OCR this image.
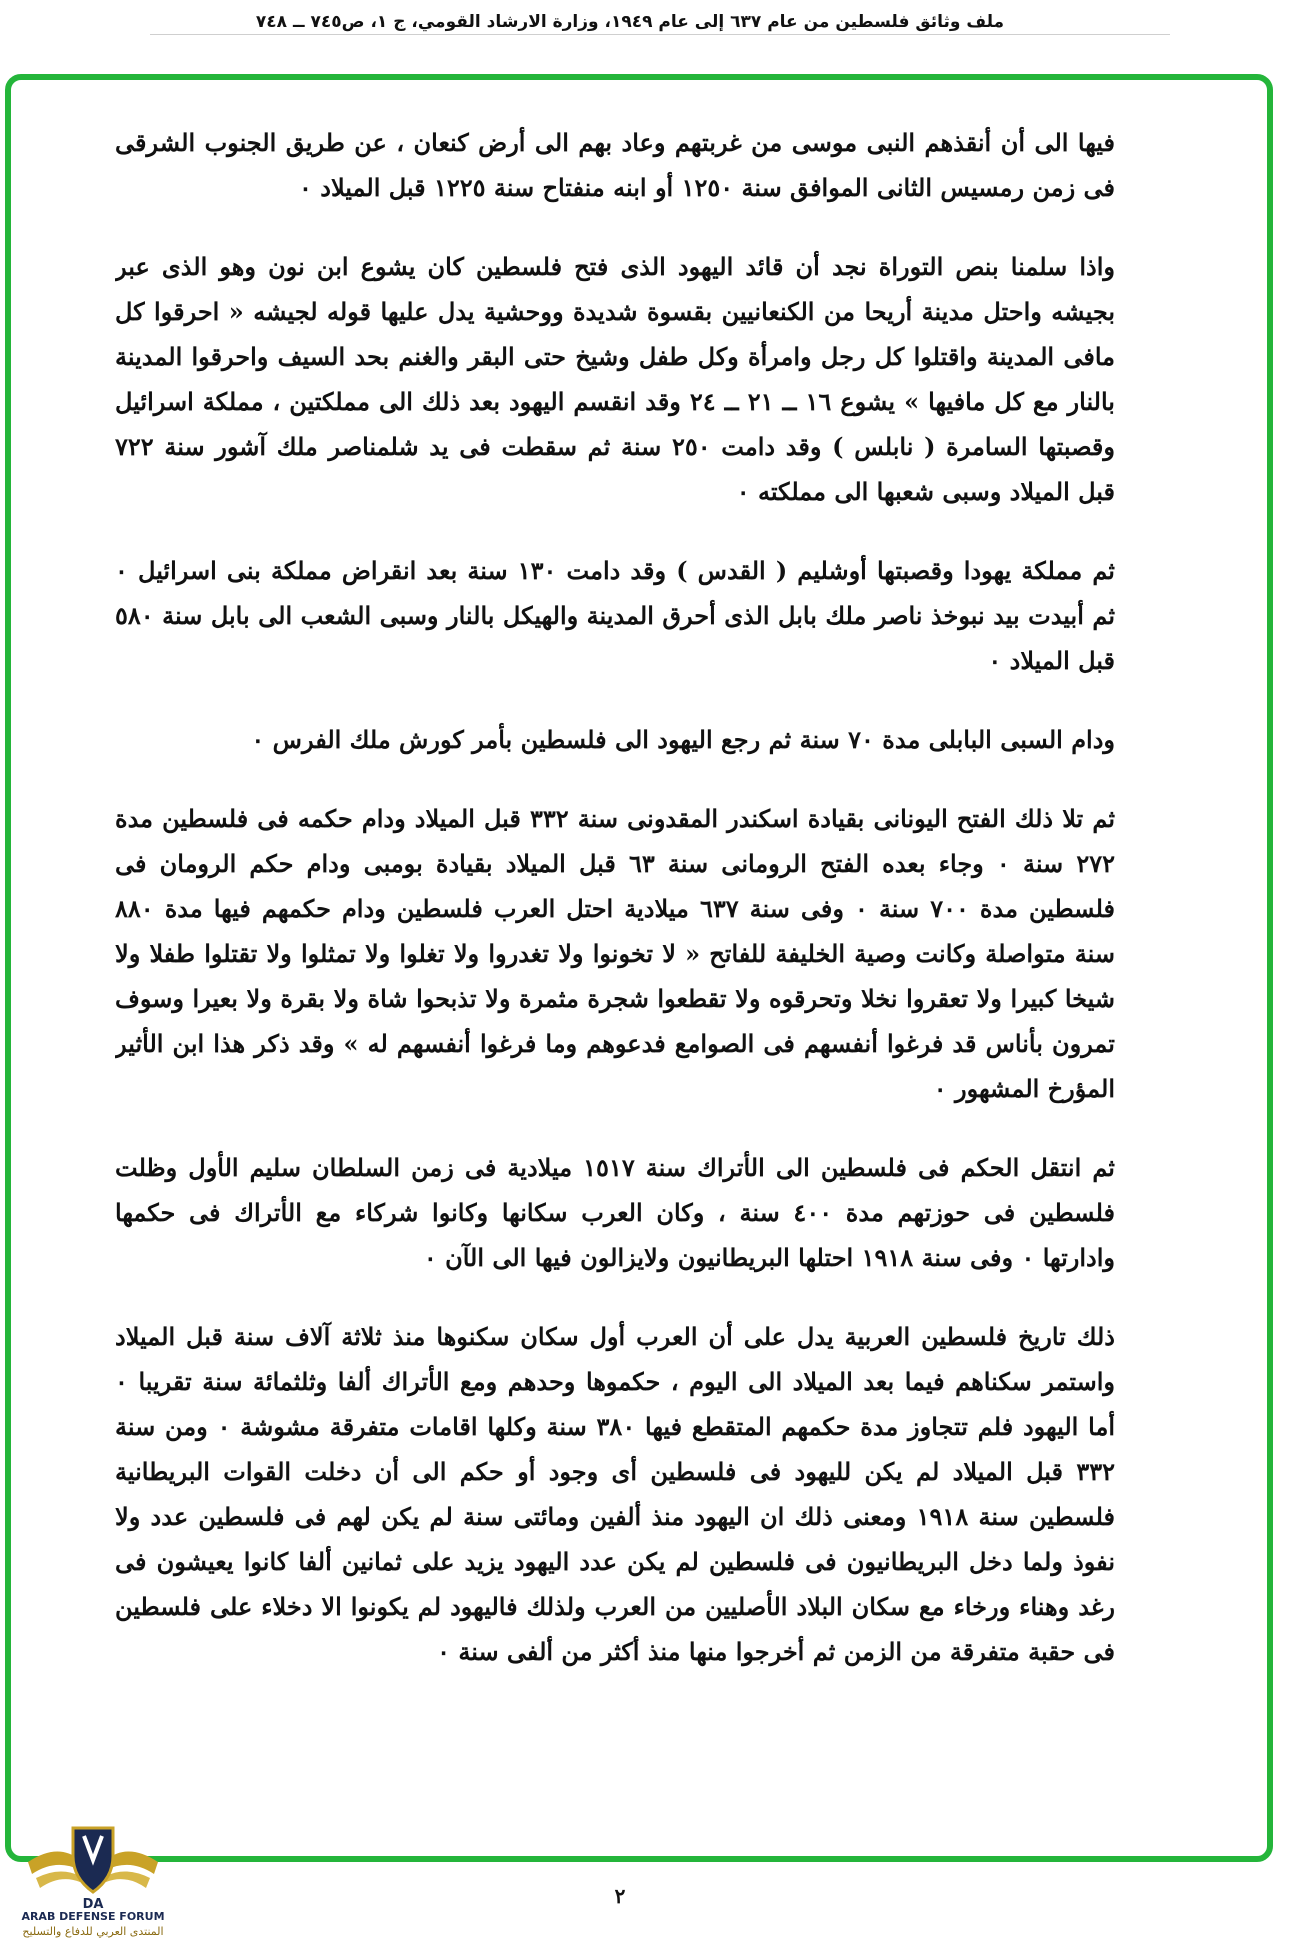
ملف وثائق فلسطين من عام ٦٣٧ إلى عام ١٩٤٩، وزارة الارشاد القومي، ج ١، ص٧٤٥ ــ ٧٤٨

فيها الى أن أنقذهم النبى موسى من غربتهم وعاد بهم الى أرض كنعان ، عن طريق الجنوب الشرقى فى زمن رمسيس الثانى الموافق سنة ١٢٥٠ أو ابنه منفتاح سنة ١٢٢٥ قبل الميلاد ٠

واذا سلمنا بنص التوراة نجد أن قائد اليهود الذى فتح فلسطين كان يشوع ابن نون وهو الذى عبر بجيشه واحتل مدينة أريحا من الكنعانيين بقسوة شديدة ووحشية يدل عليها قوله لجيشه « احرقوا كل مافى المدينة واقتلوا كل رجل وامرأة وكل طفل وشيخ حتى البقر والغنم بحد السيف واحرقوا المدينة بالنار مع كل مافيها » يشوع ١٦ ــ ٢١ ــ ٢٤ وقد انقسم اليهود بعد ذلك الى مملكتين ، مملكة اسرائيل وقصبتها السامرة ( نابلس ) وقد دامت ٢٥٠ سنة ثم سقطت فى يد شلمناصر ملك آشور سنة ٧٢٢ قبل الميلاد وسبى شعبها الى مملكته ٠

ثم مملكة يهودا وقصبتها أوشليم ( القدس ) وقد دامت ١٣٠ سنة بعد انقراض مملكة بنى اسرائيل ٠ ثم أبيدت بيد نبوخذ ناصر ملك بابل الذى أحرق المدينة والهيكل بالنار وسبى الشعب الى بابل سنة ٥٨٠ قبل الميلاد ٠

ودام السبى البابلى مدة ٧٠ سنة ثم رجع اليهود الى فلسطين بأمر كورش ملك الفرس ٠

ثم تلا ذلك الفتح اليونانى بقيادة اسكندر المقدونى سنة ٣٣٢ قبل الميلاد ودام حكمه فى فلسطين مدة ٢٧٢ سنة ٠ وجاء بعده الفتح الرومانى سنة ٦٣ قبل الميلاد بقيادة بومبى ودام حكم الرومان فى فلسطين مدة ٧٠٠ سنة ٠ وفى سنة ٦٣٧ ميلادية احتل العرب فلسطين ودام حكمهم فيها مدة ٨٨٠ سنة متواصلة وكانت وصية الخليفة للفاتح « لا تخونوا ولا تغدروا ولا تغلوا ولا تمثلوا ولا تقتلوا طفلا ولا شيخا كبيرا ولا تعقروا نخلا وتحرقوه ولا تقطعوا شجرة مثمرة ولا تذبحوا شاة ولا بقرة ولا بعيرا وسوف تمرون بأناس قد فرغوا أنفسهم فى الصوامع فدعوهم وما فرغوا أنفسهم له » وقد ذكر هذا ابن الأثير المؤرخ المشهور ٠

ثم انتقل الحكم فى فلسطين الى الأتراك سنة ١٥١٧ ميلادية فى زمن السلطان سليم الأول وظلت فلسطين فى حوزتهم مدة ٤٠٠ سنة ، وكان العرب سكانها وكانوا شركاء مع الأتراك فى حكمها وادارتها ٠ وفى سنة ١٩١٨ احتلها البريطانيون ولايزالون فيها الى الآن ٠

ذلك تاريخ فلسطين العربية يدل على أن العرب أول سكان سكنوها منذ ثلاثة آلاف سنة قبل الميلاد واستمر سكناهم فيما بعد الميلاد الى اليوم ، حكموها وحدهم ومع الأتراك ألفا وثلثمائة سنة تقريبا ٠ أما اليهود فلم تتجاوز مدة حكمهم المتقطع فيها ٣٨٠ سنة وكلها اقامات متفرقة مشوشة ٠ ومن سنة ٣٣٢ قبل الميلاد لم يكن لليهود فى فلسطين أى وجود أو حكم الى أن دخلت القوات البريطانية فلسطين سنة ١٩١٨ ومعنى ذلك ان اليهود منذ ألفين ومائتى سنة لم يكن لهم فى فلسطين عدد ولا نفوذ ولما دخل البريطانيون فى فلسطين لم يكن عدد اليهود يزيد على ثمانين ألفا كانوا يعيشون فى رغد وهناء ورخاء مع سكان البلاد الأصليين من العرب ولذلك فاليهود لم يكونوا الا دخلاء على فلسطين فى حقبة متفرقة من الزمن ثم أخرجوا منها منذ أكثر من ألفى سنة ٠

٢
DA
ARAB DEFENSE FORUM
المنتدى العربي للدفاع والتسليح
